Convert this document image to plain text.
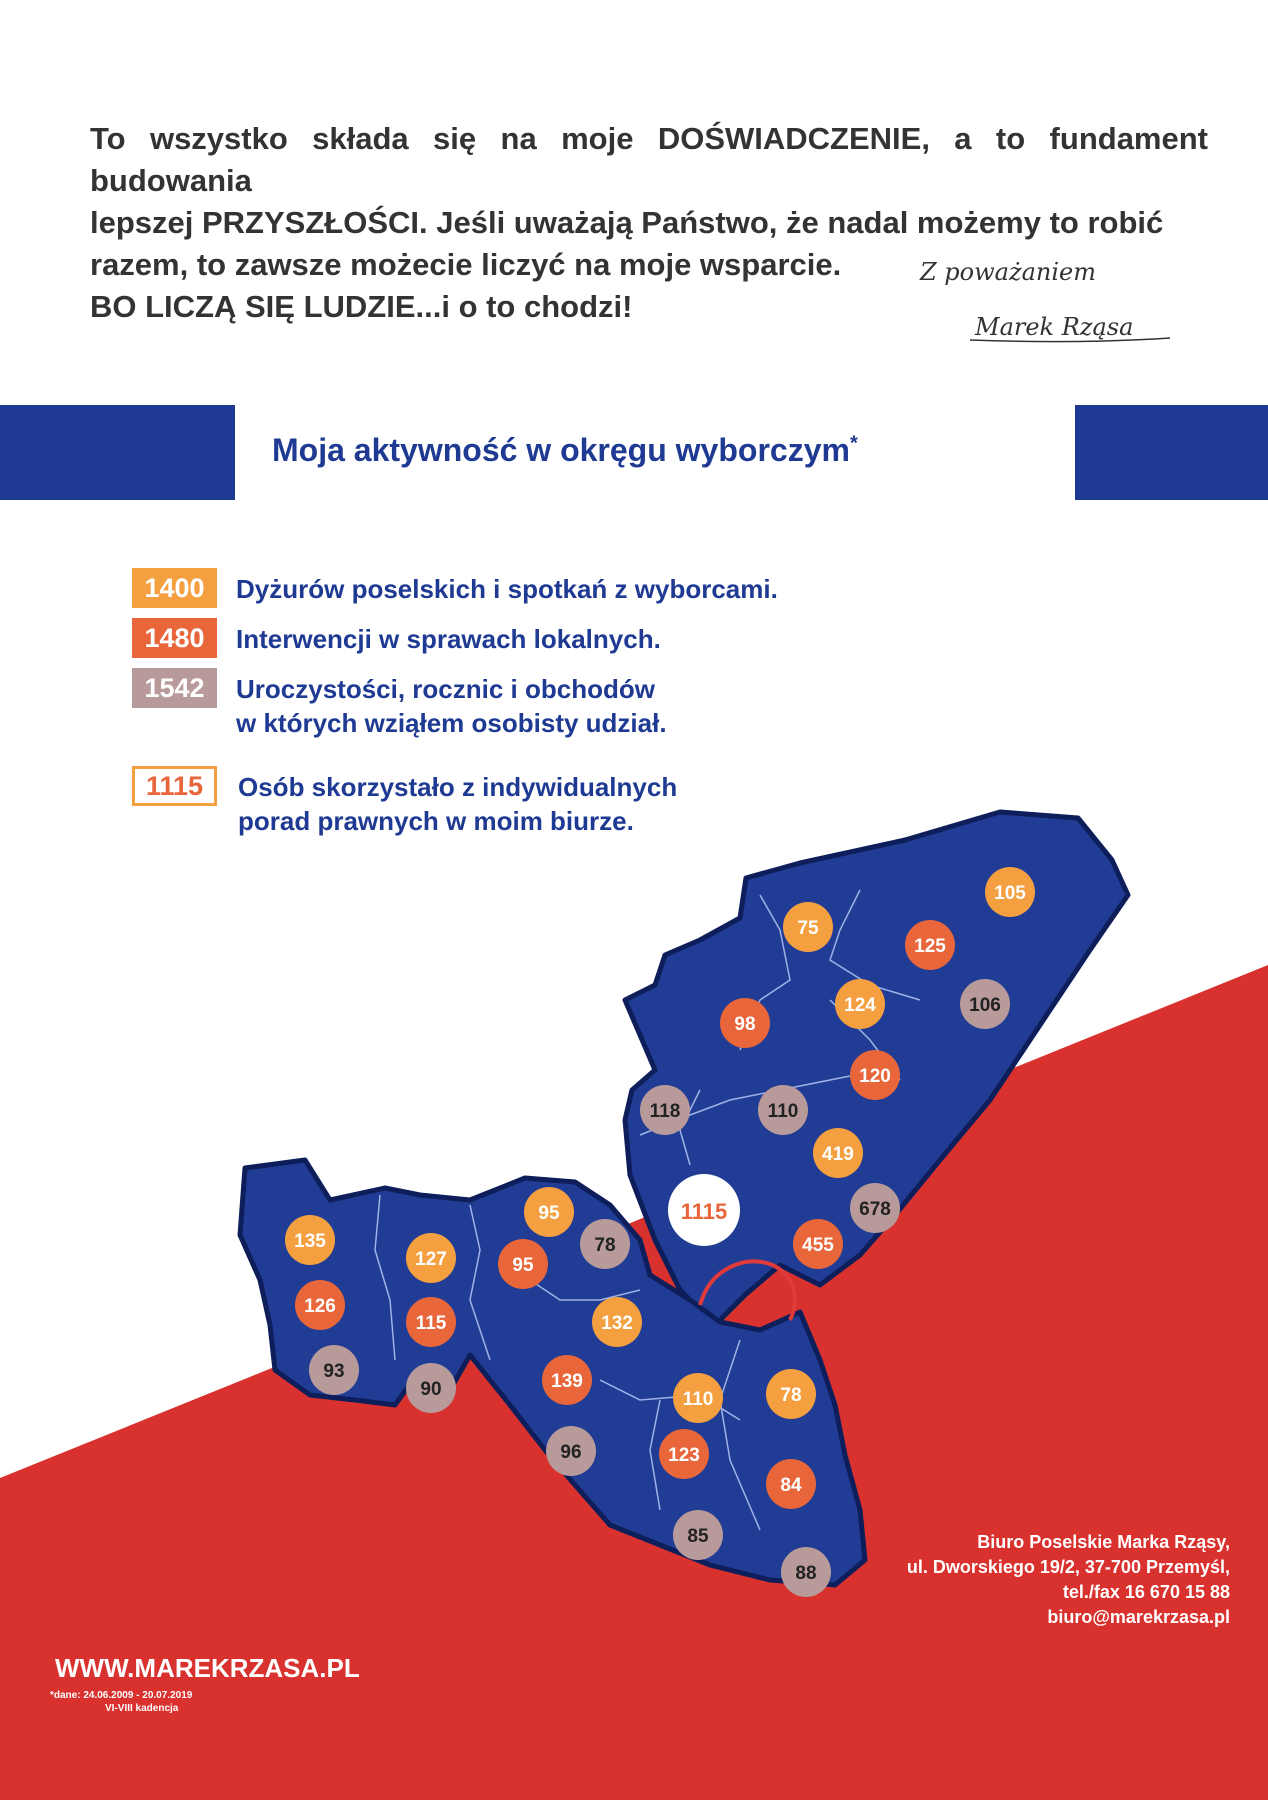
To wszystko składa się na moje DOŚWIADCZENIE, a to fundament budowania
lepszej PRZYSZŁOŚCI. Jeśli uważają Państwo, że nadal możemy to robić
razem, to zawsze możecie liczyć na moje wsparcie.
BO LICZĄ SIĘ LUDZIE...i o to chodzi!
Z poważaniem
Marek Rząsa
Moja aktywność w okręgu wyborczym*
1400	Dyżurów poselskich i spotkań z wyborcami.
1480	Interwencji w sprawach lokalnych.
1542	Uroczystości, rocznic i obchodów
w których wziąłem osobisty udział.
1115	Osób skorzystało z indywidualnych
porad prawnych w moim biurze.
105
75
125
124	106
98
120
118	110
419
678
455
135
127
95
95
78
126
115	132
93
90	139
110	78
96	123
84
85
88
1115
Biuro Poselskie Marka Rząsy,
ul. Dworskiego 19/2, 37-700 Przemyśl,
tel./fax 16 670 15 88
biuro@marekrzasa.pl
WWW.MAREKRZASA.PL
*dane: 24.06.2009 - 20.07.2019
VI-VIII kadencja
